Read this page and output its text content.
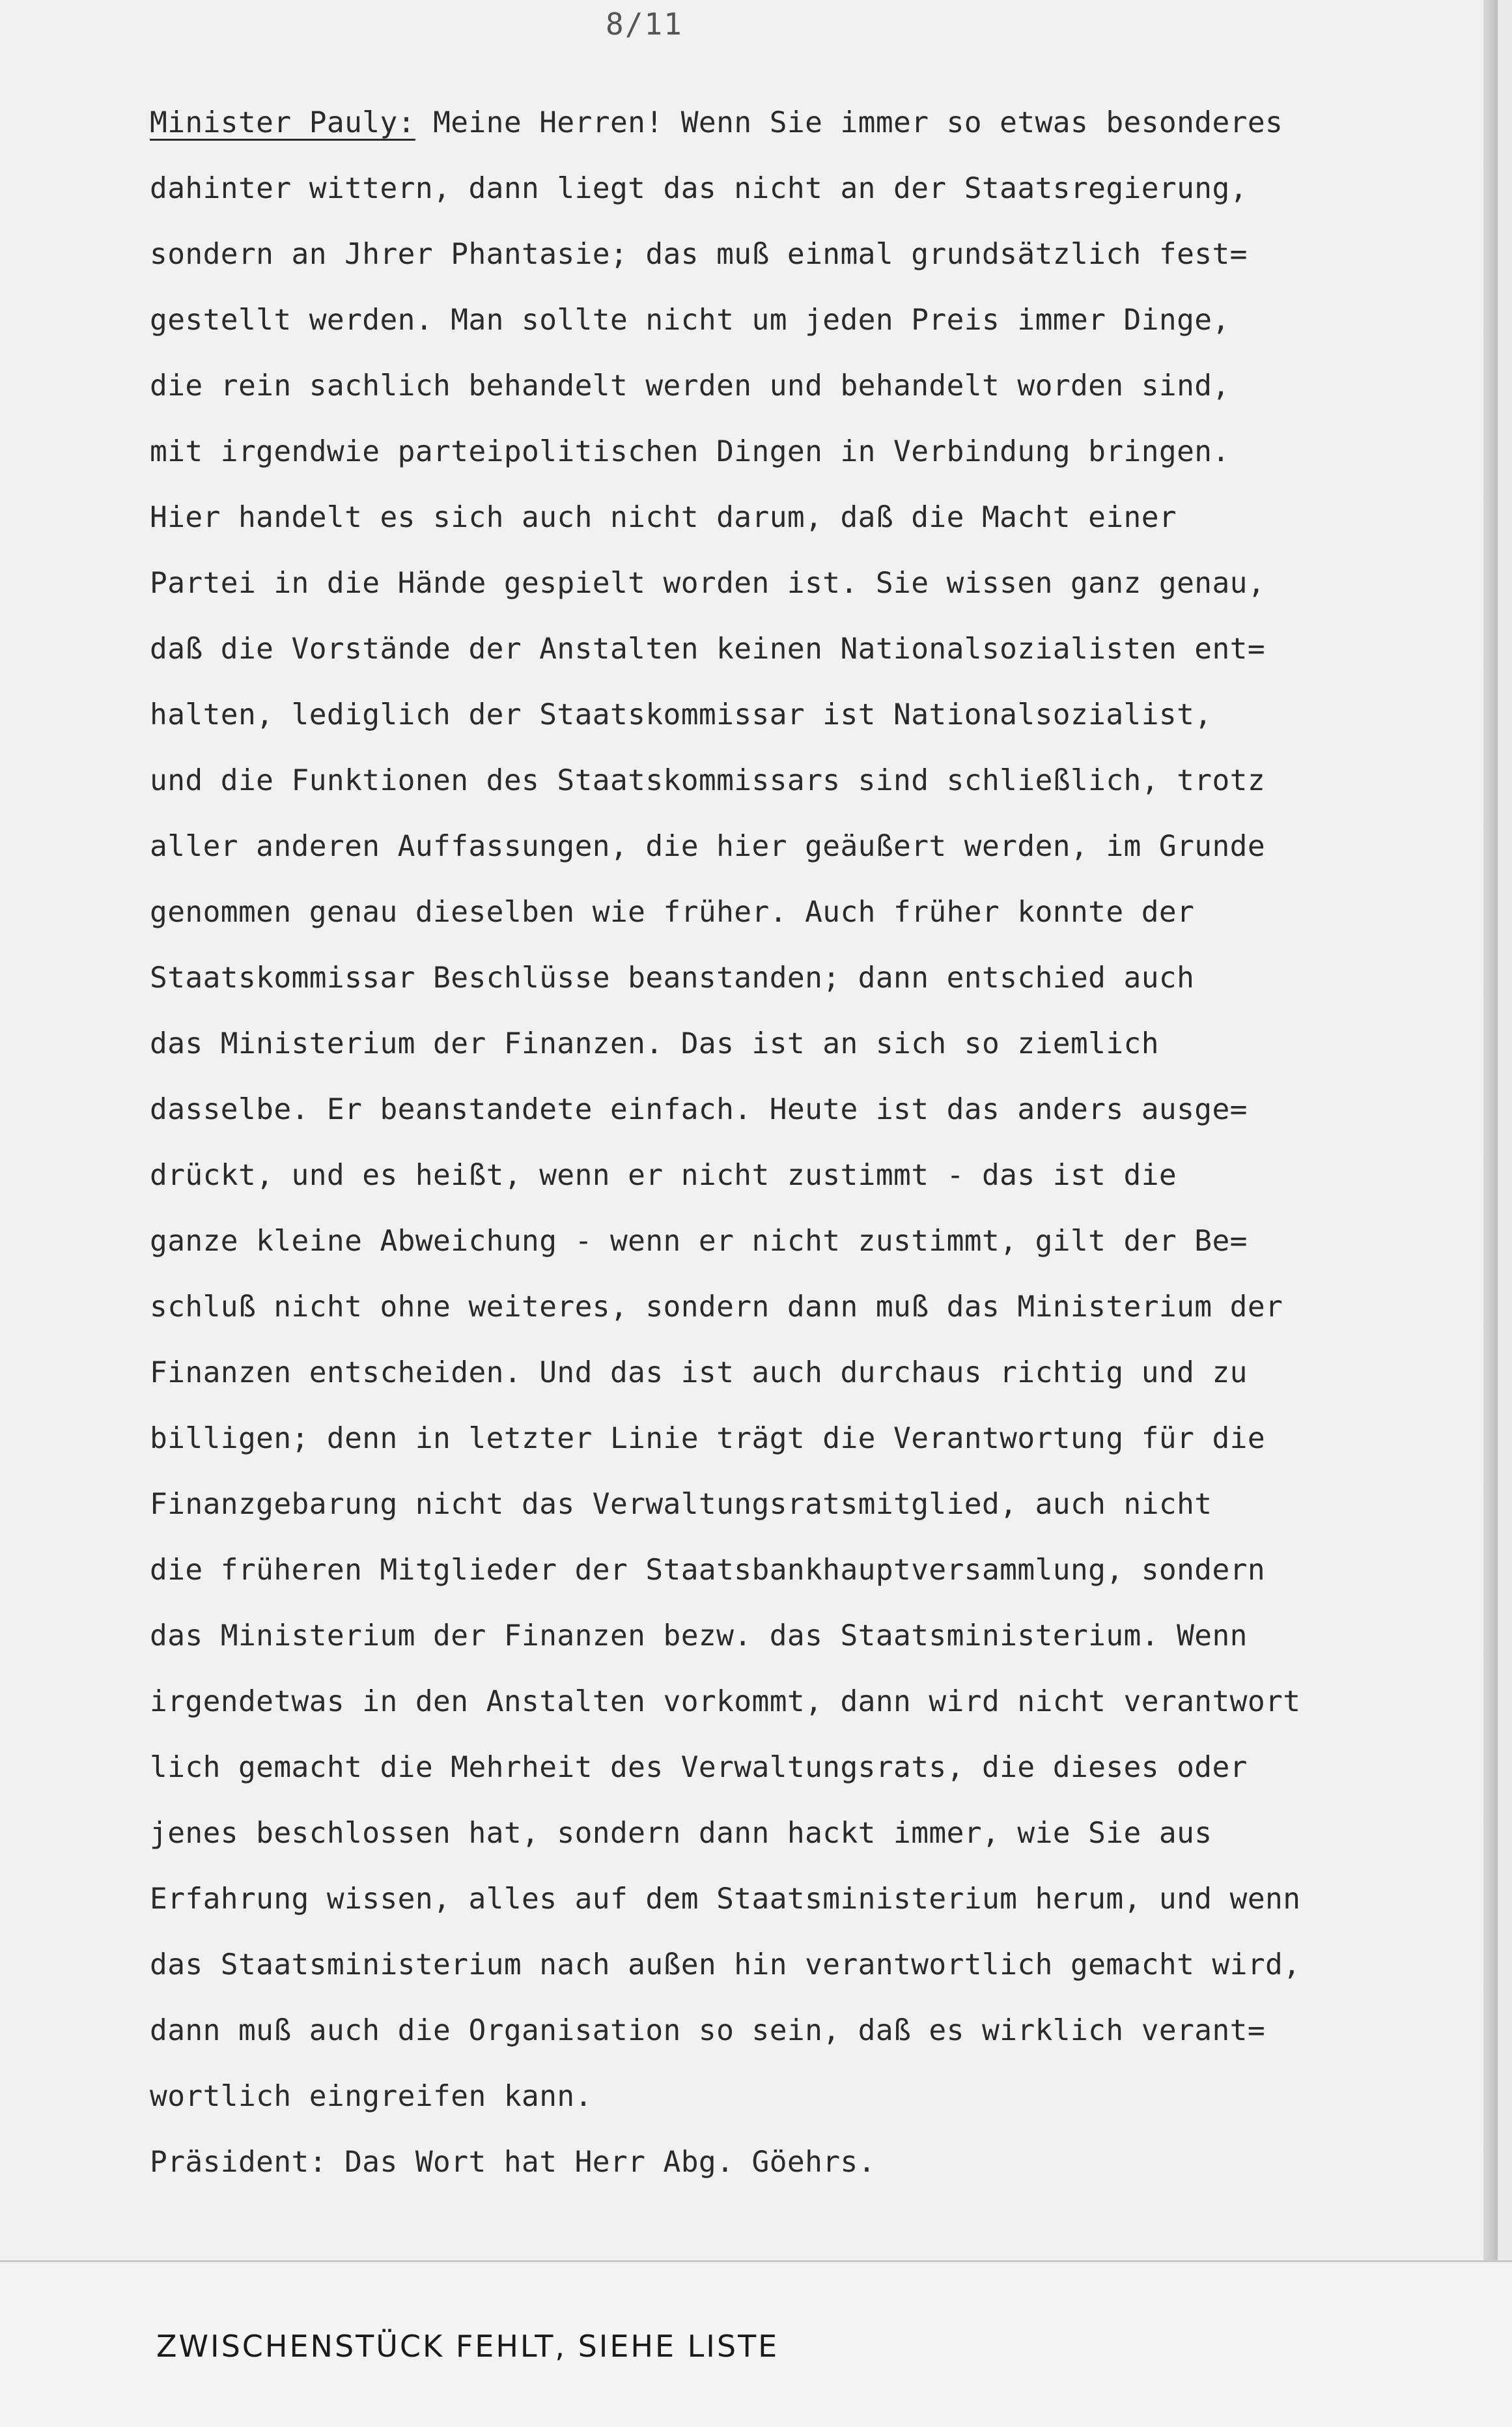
8/11
Minister Pauly: Meine Herren! Wenn Sie immer so etwas besonderes
dahinter wittern, dann liegt das nicht an der Staatsregierung,
sondern an Jhrer Phantasie; das muß einmal grundsätzlich fest=
gestellt werden. Man sollte nicht um jeden Preis immer Dinge,
die rein sachlich behandelt werden und behandelt worden sind,
mit irgendwie parteipolitischen Dingen in Verbindung bringen.
Hier handelt es sich auch nicht darum, daß die Macht einer
Partei in die Hände gespielt worden ist. Sie wissen ganz genau,
daß die Vorstände der Anstalten keinen Nationalsozialisten ent=
halten, lediglich der Staatskommissar ist Nationalsozialist,
und die Funktionen des Staatskommissars sind schließlich, trotz
aller anderen Auffassungen, die hier geäußert werden, im Grunde
genommen genau dieselben wie früher. Auch früher konnte der
Staatskommissar Beschlüsse beanstanden; dann entschied auch
das Ministerium der Finanzen. Das ist an sich so ziemlich
dasselbe. Er beanstandete einfach. Heute ist das anders ausge=
drückt, und es heißt, wenn er nicht zustimmt - das ist die
ganze kleine Abweichung - wenn er nicht zustimmt, gilt der Be=
schluß nicht ohne weiteres, sondern dann muß das Ministerium der
Finanzen entscheiden. Und das ist auch durchaus richtig und zu
billigen; denn in letzter Linie trägt die Verantwortung für die
Finanzgebarung nicht das Verwaltungsratsmitglied, auch nicht
die früheren Mitglieder der Staatsbankhauptversammlung, sondern
das Ministerium der Finanzen bezw. das Staatsministerium. Wenn
irgendetwas in den Anstalten vorkommt, dann wird nicht verantwort
lich gemacht die Mehrheit des Verwaltungsrats, die dieses oder
jenes beschlossen hat, sondern dann hackt immer, wie Sie aus
Erfahrung wissen, alles auf dem Staatsministerium herum, und wenn
das Staatsministerium nach außen hin verantwortlich gemacht wird,
dann muß auch die Organisation so sein, daß es wirklich verant=
wortlich eingreifen kann.
Präsident: Das Wort hat Herr Abg. Göehrs.
ZWISCHENSTÜCK FEHLT, SIEHE LISTE
